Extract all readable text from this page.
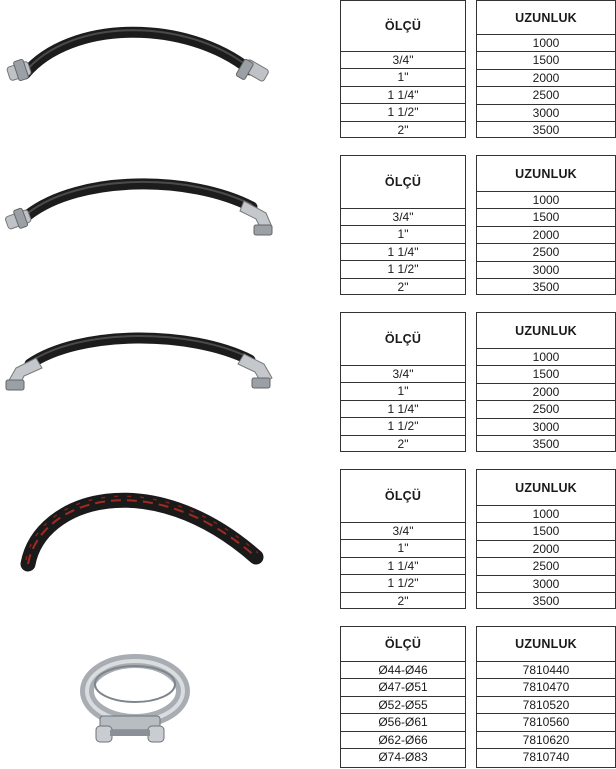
ÖLÇÜ
3/4"
1"
1 1/4"
1 1/2"
2"
UZUNLUK
1000
1500
2000
2500
3000
3500
ÖLÇÜ
3/4"
1"
1 1/4"
1 1/2"
2"
UZUNLUK
1000
1500
2000
2500
3000
3500
ÖLÇÜ
3/4"
1"
1 1/4"
1 1/2"
2"
UZUNLUK
1000
1500
2000
2500
3000
3500
ÖLÇÜ
3/4"
1"
1 1/4"
1 1/2"
2"
UZUNLUK
1000
1500
2000
2500
3000
3500
ÖLÇÜ
Ø44-Ø46
Ø47-Ø51
Ø52-Ø55
Ø56-Ø61
Ø62-Ø66
Ø74-Ø83
UZUNLUK
7810440
7810470
7810520
7810560
7810620
7810740
